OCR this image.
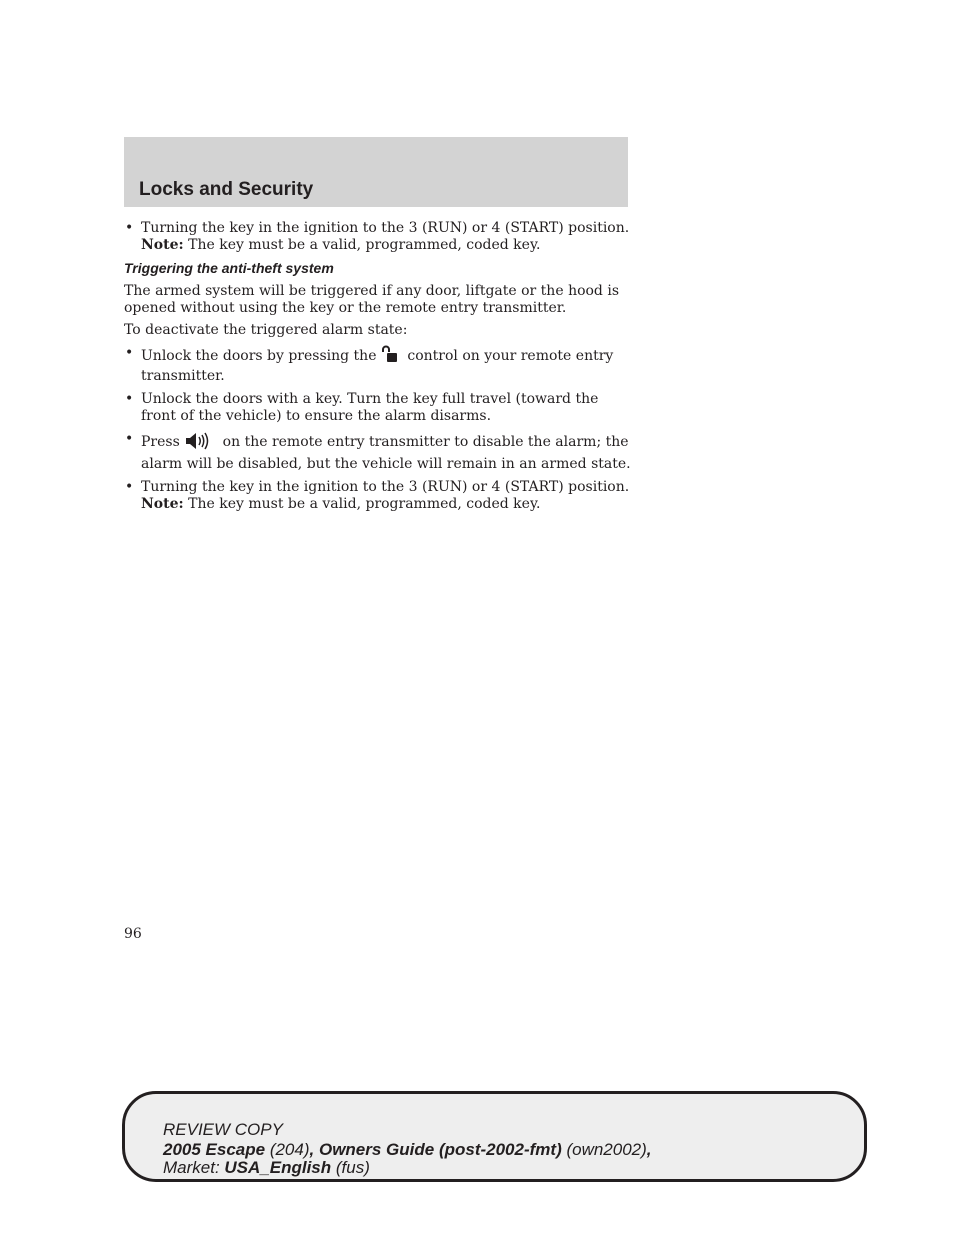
Locks and Security
• Turning the key in the ignition to the 3 (RUN) or 4 (START) position.
Note: The key must be a valid, programmed, coded key.
Triggering the anti-theft system

The armed system will be triggered if any door, liftgate or the hood is opened without using the key or the remote entry transmitter.

To deactivate the triggered alarm state:

• Unlock the doors by pressing the  control on your remote entry transmitter.
• Unlock the doors with a key. Turn the key full travel (toward the front of the vehicle) to ensure the alarm disarms.
• Press	on the remote entry transmitter to disable the alarm; the alarm will be disabled, but the vehicle will remain in an armed state.
• Turning the key in the ignition to the 3 (RUN) or 4 (START) position.
Note: The key must be a valid, programmed, coded key.
96
REVIEW COPY
2005 Escape (204), Owners Guide (post-2002-fmt) (own2002),
Market: USA_English (fus)
